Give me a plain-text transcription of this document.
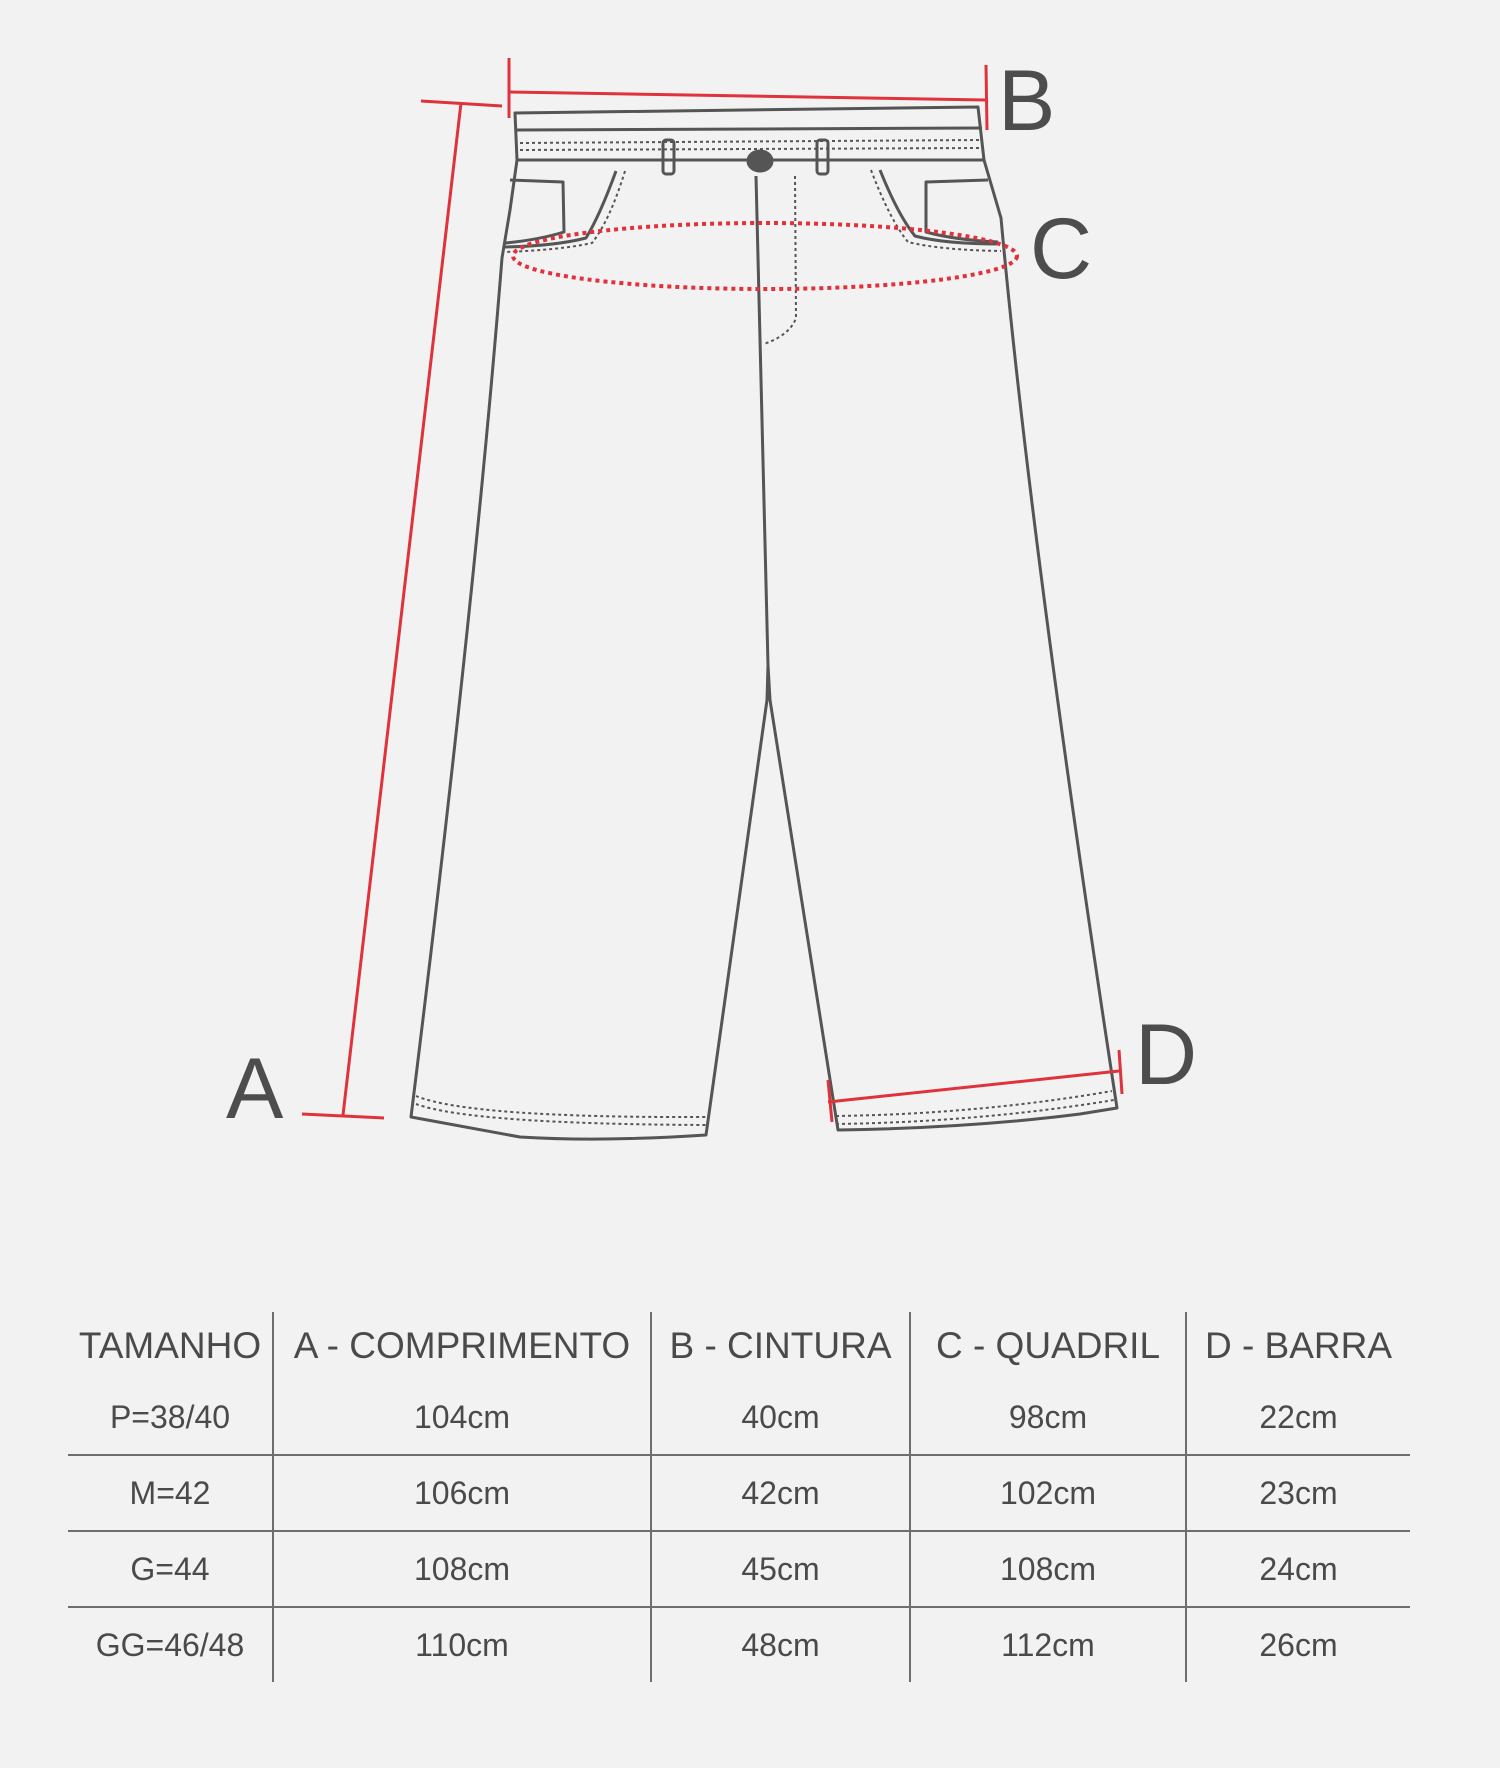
A
B
C
D
TAMANHO	A - COMPRIMENTO	B - CINTURA	C - QUADRIL	D - BARRA
P=38/40	104cm	40cm	98cm	22cm
M=42	106cm	42cm	102cm	23cm
G=44	108cm	45cm	108cm	24cm
GG=46/48	110cm	48cm	112cm	26cm
